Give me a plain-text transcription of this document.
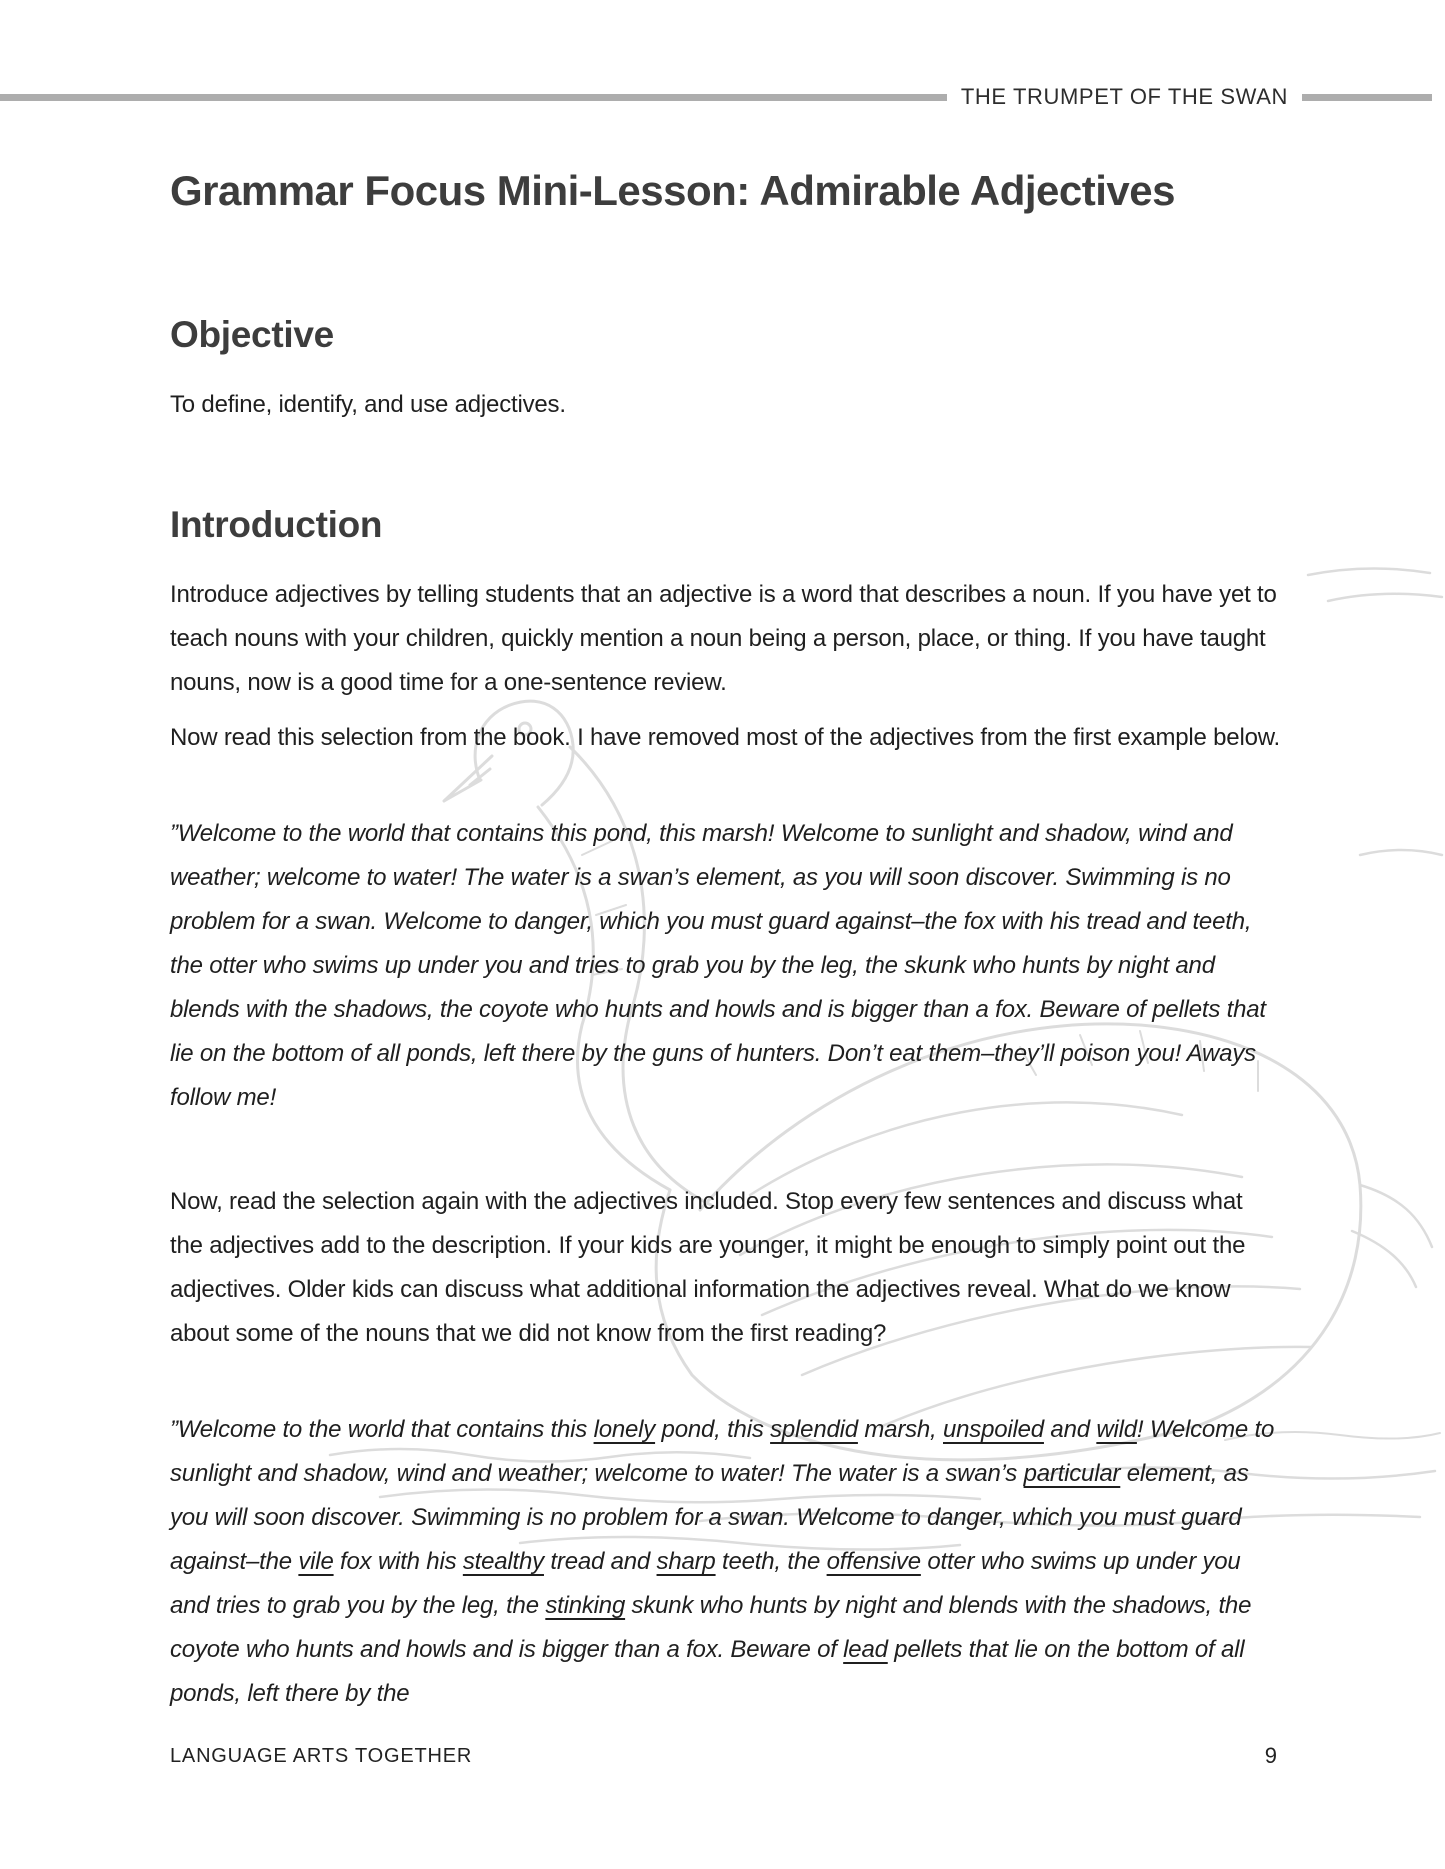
THE TRUMPET OF THE SWAN
Grammar Focus Mini-Lesson: Admirable Adjectives
Objective

To define, identify, and use adjectives.

Introduction

Introduce adjectives by telling students that an adjective is a word that describes a noun. If you have yet to teach nouns with your children, quickly mention a noun being a person, place, or thing. If you have taught nouns, now is a good time for a one-sentence review.

Now read this selection from the book. I have removed most of the adjectives from the first example below.

”Welcome to the world that contains this pond, this marsh! Welcome to sunlight and shadow, wind and weather; welcome to water! The water is a swan’s element, as you will soon discover. Swimming is no problem for a swan. Welcome to danger, which you must guard against–the fox with his tread and teeth, the otter who swims up under you and tries to grab you by the leg, the skunk who hunts by night and blends with the shadows, the coyote who hunts and howls and is bigger than a fox. Beware of pellets that lie on the bottom of all ponds, left there by the guns of hunters. Don’t eat them–they’ll poison you! Aways follow me!

Now, read the selection again with the adjectives included. Stop every few sentences and discuss what the adjectives add to the description. If your kids are younger, it might be enough to simply point out the adjectives. Older kids can discuss what additional information the adjectives reveal. What do we know about some of the nouns that we did not know from the first reading?

”Welcome to the world that contains this lonely pond, this splendid marsh, unspoiled and wild! Welcome to sunlight and shadow, wind and weather; welcome to water! The water is a swan’s particular element, as you will soon discover. Swimming is no problem for a swan. Welcome to danger, which you must guard against–the vile fox with his stealthy tread and sharp teeth, the offensive otter who swims up under you and tries to grab you by the leg, the stinking skunk who hunts by night and blends with the shadows, the coyote who hunts and howls and is bigger than a fox. Beware of lead pellets that lie on the bottom of all ponds, left there by the

LANGUAGE ARTS TOGETHER	9
